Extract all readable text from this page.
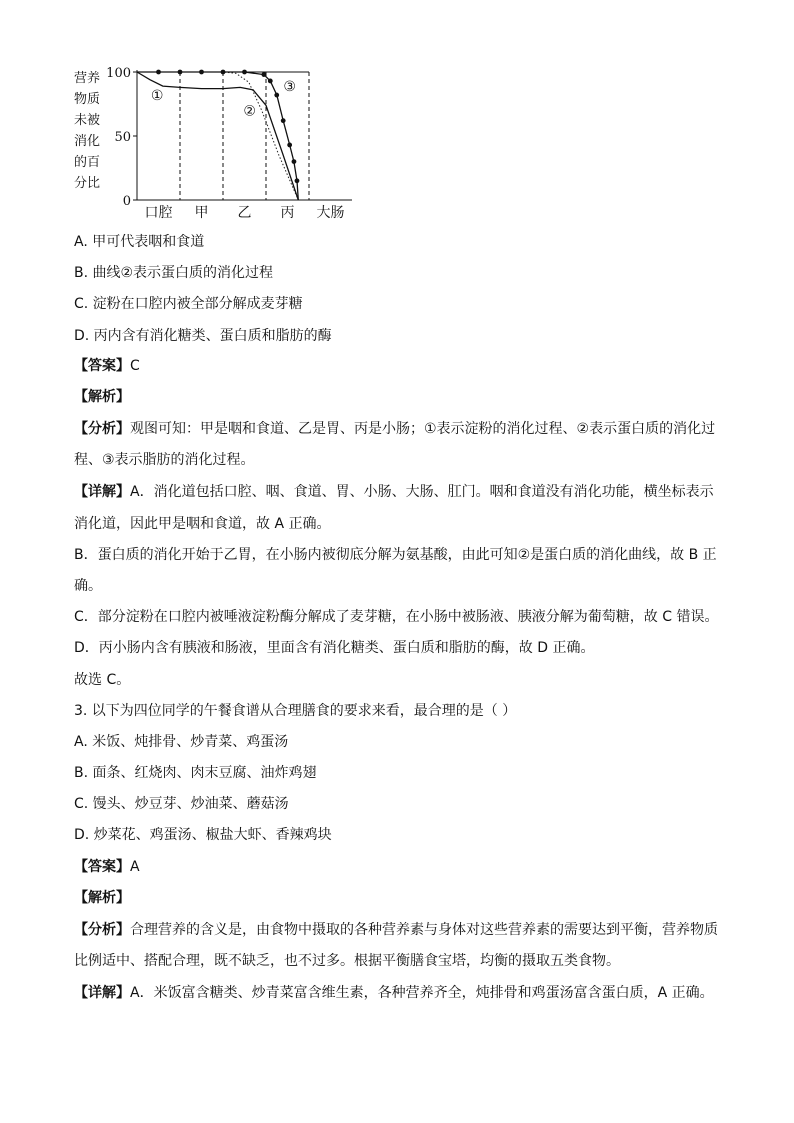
营养
物质
未被
消化
的百
分比
100
50
0
口腔 甲 乙 丙 大肠
①
②
③
A. 甲可代表咽和食道
B. 曲线②表示蛋白质的消化过程
C. 淀粉在口腔内被全部分解成麦芽糖
D. 丙内含有消化糖类、蛋白质和脂肪的酶
【答案】C
【解析】
【分析】观图可知：甲是咽和食道、乙是胃、丙是小肠；①表示淀粉的消化过程、②表示蛋白质的消化过
程、③表示脂肪的消化过程。
【详解】A．消化道包括口腔、咽、食道、胃、小肠、大肠、肛门。咽和食道没有消化功能，横坐标表示
消化道，因此甲是咽和食道，故 A 正确。
B．蛋白质的消化开始于乙胃，在小肠内被彻底分解为氨基酸，由此可知②是蛋白质的消化曲线，故 B 正
确。
C．部分淀粉在口腔内被唾液淀粉酶分解成了麦芽糖，在小肠中被肠液、胰液分解为葡萄糖，故 C 错误。
D．丙小肠内含有胰液和肠液，里面含有消化糖类、蛋白质和脂肪的酶，故 D 正确。
故选 C。
3. 以下为四位同学的午餐食谱从合理膳食的要求来看，最合理的是（ ）
A. 米饭、炖排骨、炒青菜、鸡蛋汤
B. 面条、红烧肉、肉末豆腐、油炸鸡翅
C. 馒头、炒豆芽、炒油菜、蘑菇汤
D. 炒菜花、鸡蛋汤、椒盐大虾、香辣鸡块
【答案】A
【解析】
【分析】合理营养的含义是，由食物中摄取的各种营养素与身体对这些营养素的需要达到平衡，营养物质
比例适中、搭配合理，既不缺乏，也不过多。根据平衡膳食宝塔，均衡的摄取五类食物。
【详解】A．米饭富含糖类、炒青菜富含维生素，各种营养齐全，炖排骨和鸡蛋汤富含蛋白质，A 正确。
